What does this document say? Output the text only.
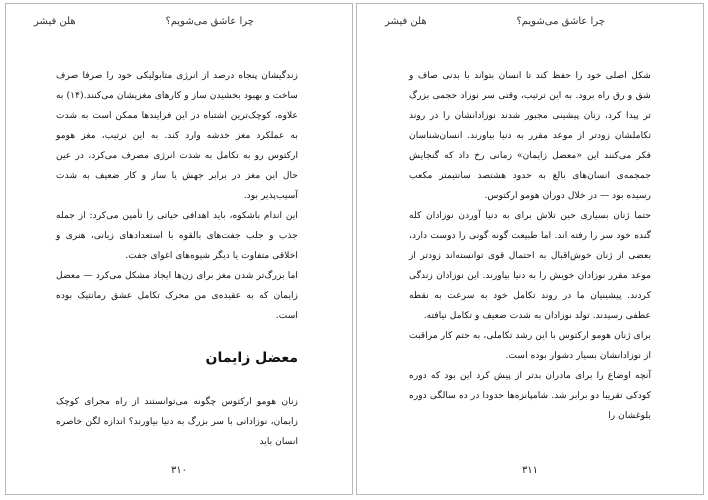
چرا عاشق می‌شویم؟
هلن فیشر

زندگیشان پنجاه درصد از انرژی متابولیکی خود را صرفا صرف ساخت و بهبود بخشیدن ساز و کارهای مغزیشان می‌کنند.(۱۴) به علاوه، کوچک‌ترین اشتباه در این فرایندها ممکن است به شدت به عملکرد مغز خدشه وارد کند. به این ترتیب، مغز هومو ارکتوس رو به تکامل به شدت انرژی مصرف می‌کرد، در عین حال این مغز در برابر جهش یا ساز و کار ضعیف به شدت آسیب‌پذیر بود.

این اندام باشکوه، باید اهدافی حیاتی را تأمین می‌کرد: از جمله جذب و جلب جفت‌های بالقوه با استعدادهای زبانی، هنری و اخلاقی متفاوت یا دیگر شیوه‌های اغوای جفت.

اما بزرگ‌تر شدن مغز برای زن‌ها ایجاد مشکل می‌کرد — معضل زایمان که به عقیده‌ی من محرک تکامل عشق رمانتیک بوده است.

معضل زایمان

زنان هومو ارکتوس چگونه می‌توانستند از راه مجرای کوچک زایمان، نوزادانی با سر بزرگ به دنیا بیاورند؟ اندازه لگن خاصره انسان باید

۳۱۰
چرا عاشق می‌شویم؟
هلن فیشر

شکل اصلی خود را حفظ کند تا انسان بتواند با بدنی صاف و شق و رق راه برود. به این ترتیب، وقتی سر نوزاد حجمی بزرگ تر پیدا کرد، زنان پیشینی مجبور شدند نوزادانشان را در روند تکاملشان زودتر از موعد مقرر به دنیا بیاورند. انسان‌شناسان فکر می‌کنند این «معضل زایمان» زمانی رخ داد که گنجایش جمجمه‌ی انسان‌های بالغ به حدود هشتصد سانتیمتر مکعب رسیده بود — در خلال دوران هومو ارکتوس.

حتما ژنان بسیاری حین تلاش برای به دنیا آوردن نوزادان کله گنده خود سر را رفته اند. اما طبیعت گونه گونی را دوست دارد، بعضی از ژنان خوش‌اقبال به احتمال قوی توانسته‌اند زودتر از موعد مقرر نوزادان خویش را به دنیا بیاورند. این نوزادان زندگی کردند. پیشینیان ما در روند تکامل خود به سرعت به نقطه عطفی رسیدند. تولد نوزادان به شدت ضعیف و تکامل نیافته.

برای ژنان هومو ارکتوس با این رشد تکاملی، به حتم کار مراقبت از نوزادانشان بسیار دشوار بوده است.

آنچه اوضاع را برای مادران بدتر از پیش کرد این بود که دوره کودکی تقریبا دو برابر شد. شامپانزه‌ها حدودا در ده سالگی دوره بلوغشان را

۳۱۱
